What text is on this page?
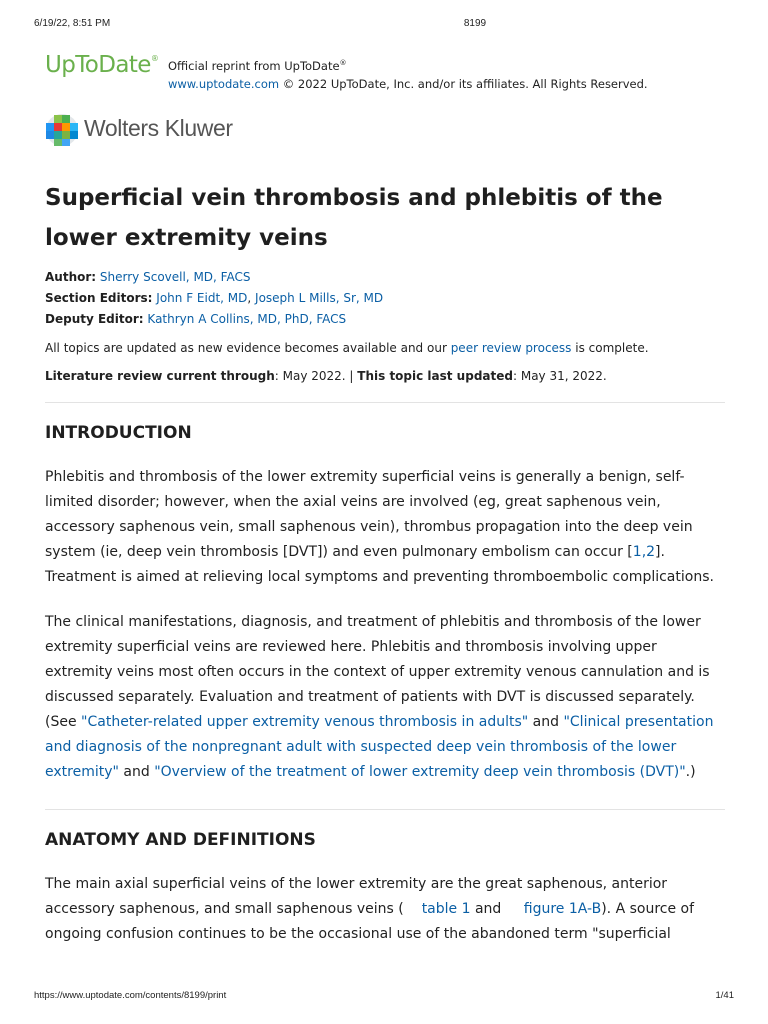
6/19/22, 8:51 PM	8199
UpToDate®
Official reprint from UpToDate®
www.uptodate.com © 2022 UpToDate, Inc. and/or its affiliates. All Rights Reserved.
Wolters Kluwer
Superficial vein thrombosis and phlebitis of the lower extremity veins
Author: Sherry Scovell, MD, FACS
Section Editors: John F Eidt, MD, Joseph L Mills, Sr, MD
Deputy Editor: Kathryn A Collins, MD, PhD, FACS
All topics are updated as new evidence becomes available and our peer review process is complete.
Literature review current through: May 2022. | This topic last updated: May 31, 2022.
INTRODUCTION

Phlebitis and thrombosis of the lower extremity superficial veins is generally a benign, self-limited disorder; however, when the axial veins are involved (eg, great saphenous vein, accessory saphenous vein, small saphenous vein), thrombus propagation into the deep vein system (ie, deep vein thrombosis [DVT]) and even pulmonary embolism can occur [1,2]. Treatment is aimed at relieving local symptoms and preventing thromboembolic complications.

The clinical manifestations, diagnosis, and treatment of phlebitis and thrombosis of the lower extremity superficial veins are reviewed here. Phlebitis and thrombosis involving upper extremity veins most often occurs in the context of upper extremity venous cannulation and is discussed separately. Evaluation and treatment of patients with DVT is discussed separately. (See "Catheter-related upper extremity venous thrombosis in adults" and "Clinical presentation and diagnosis of the nonpregnant adult with suspected deep vein thrombosis of the lower extremity" and "Overview of the treatment of lower extremity deep vein thrombosis (DVT)".)

ANATOMY AND DEFINITIONS

The main axial superficial veins of the lower extremity are the great saphenous, anterior accessory saphenous, and small saphenous veins ( table 1 and figure 1A-B). A source of ongoing confusion continues to be the occasional use of the abandoned term "superficial

https://www.uptodate.com/contents/8199/print	1/41
